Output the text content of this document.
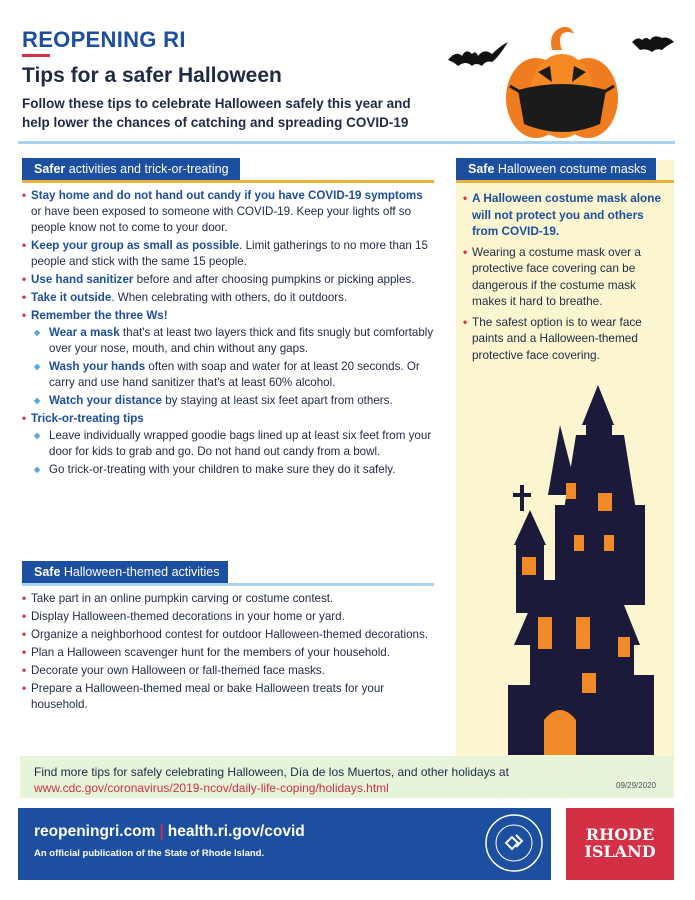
REOPENING RI
Tips for a safer Halloween
Follow these tips to celebrate Halloween safely this year and help lower the chances of catching and spreading COVID-19
Safer activities and trick-or-treating
• Stay home and do not hand out candy if you have COVID-19 symptoms or have been exposed to someone with COVID-19. Keep your lights off so people know not to come to your door.
• Keep your group as small as possible. Limit gatherings to no more than 15 people and stick with the same 15 people.
• Use hand sanitizer before and after choosing pumpkins or picking apples.
• Take it outside. When celebrating with others, do it outdoors.
• Remember the three Ws!
◆ Wear a mask that's at least two layers thick and fits snugly but comfortably over your nose, mouth, and chin without any gaps.
◆ Wash your hands often with soap and water for at least 20 seconds. Or carry and use hand sanitizer that's at least 60% alcohol.
◆ Watch your distance by staying at least six feet apart from others.
• Trick-or-treating tips
◆ Leave individually wrapped goodie bags lined up at least six feet from your door for kids to grab and go. Do not hand out candy from a bowl.
◆ Go trick-or-treating with your children to make sure they do it safely.
Safe Halloween-themed activities
• Take part in an online pumpkin carving or costume contest.
• Display Halloween-themed decorations in your home or yard.
• Organize a neighborhood contest for outdoor Halloween-themed decorations.
• Plan a Halloween scavenger hunt for the members of your household.
• Decorate your own Halloween or fall-themed face masks.
• Prepare a Halloween-themed meal or bake Halloween treats for your household.
Safe Halloween costume masks
• A Halloween costume mask alone will not protect you and others from COVID-19.
• Wearing a costume mask over a protective face covering can be dangerous if the costume mask makes it hard to breathe.
• The safest option is to wear face paints and a Halloween-themed protective face covering.
Find more tips for safely celebrating Halloween, Día de los Muertos, and other holidays at
www.cdc.gov/coronavirus/2019-ncov/daily-life-coping/holidays.html	09/29/2020
reopeningri.com | health.ri.gov/covid
An official publication of the State of Rhode Island.
RHODE
ISLAND
